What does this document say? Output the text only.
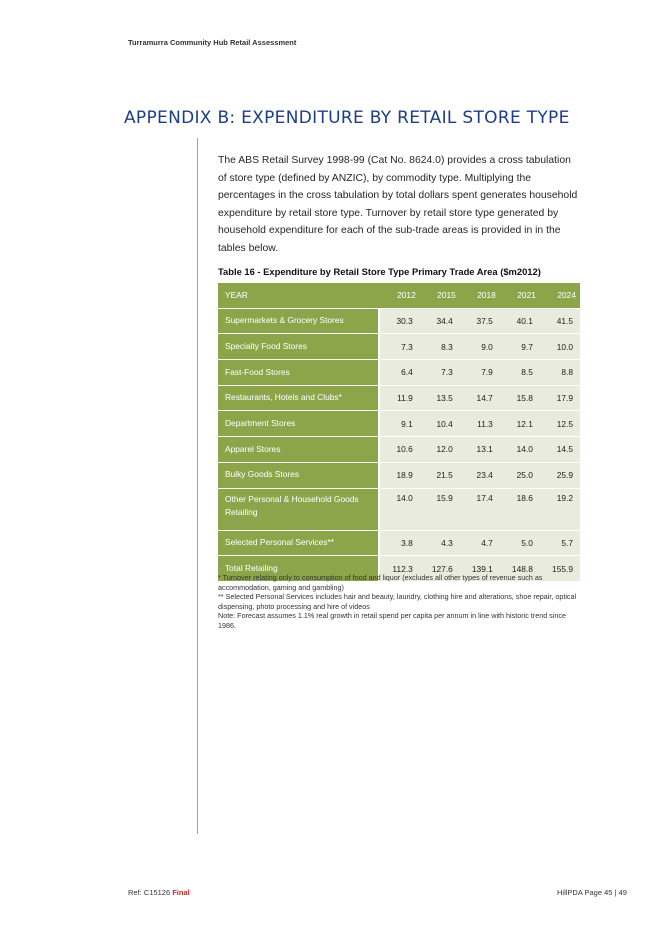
Turramurra Community Hub Retail Assessment
APPENDIX B: EXPENDITURE BY RETAIL STORE TYPE
The ABS Retail Survey 1998-99 (Cat No. 8624.0) provides a cross tabulation of store type (defined by ANZIC), by commodity type. Multiplying the percentages in the cross tabulation by total dollars spent generates household expenditure by retail store type. Turnover by retail store type generated by household expenditure for each of the sub-trade areas is provided in in the tables below.
Table 16 - Expenditure by Retail Store Type Primary Trade Area ($m2012)
YEAR	2012	2015	2018	2021	2024
Supermarkets & Grocery Stores	30.3	34.4	37.5	40.1	41.5
Specialty Food Stores	7.3	8.3	9.0	9.7	10.0
Fast-Food Stores	6.4	7.3	7.9	8.5	8.8
Restaurants, Hotels and Clubs*	11.9	13.5	14.7	15.8	17.9
Department Stores	9.1	10.4	11.3	12.1	12.5
Apparel Stores	10.6	12.0	13.1	14.0	14.5
Bulky Goods Stores	18.9	21.5	23.4	25.0	25.9
Other Personal & Household Goods Retailing	14.0	15.9	17.4	18.6	19.2
Selected Personal Services**	3.8	4.3	4.7	5.0	5.7
Total Retailing	112.3	127.6	139.1	148.8	155.9
* Turnover relating only to consumption of food and liquor (excludes all other types of revenue such as accommodation, gaming and gambling)
** Selected Personal Services includes hair and beauty, laundry, clothing hire and alterations, shoe repair, optical dispensing, photo processing and hire of videos
Note: Forecast assumes 1.1% real growth in retail spend per capita per annum in line with historic trend since 1986.
Ref: C15126 Final	HillPDA Page 45 | 49
